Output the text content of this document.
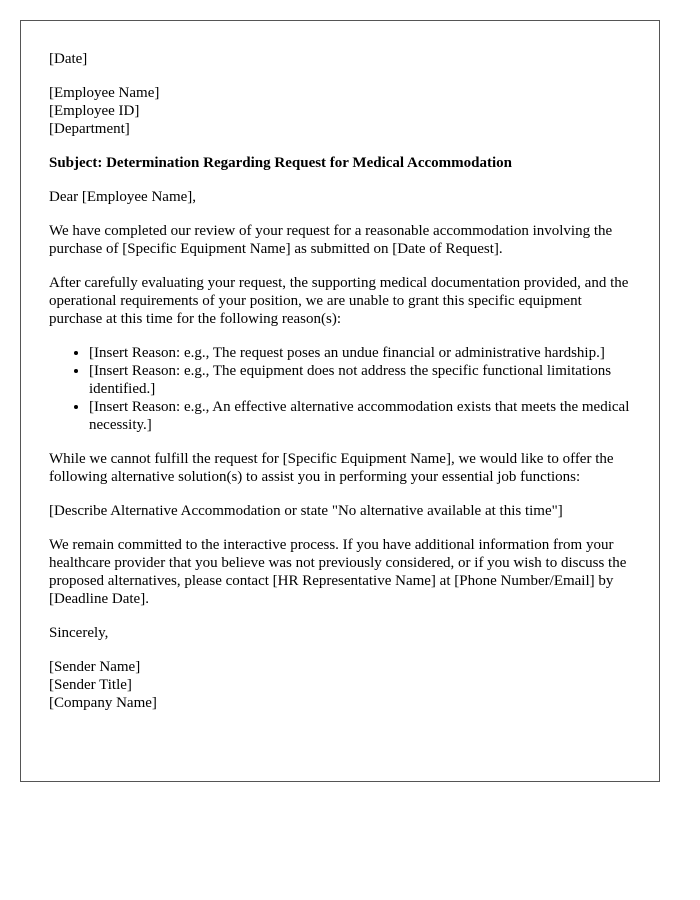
[Date]

[Employee Name]
[Employee ID]
[Department]

Subject: Determination Regarding Request for Medical Accommodation

Dear [Employee Name],

We have completed our review of your request for a reasonable accommodation involving the purchase of [Specific Equipment Name] as submitted on [Date of Request].

After carefully evaluating your request, the supporting medical documentation provided, and the operational requirements of your position, we are unable to grant this specific equipment purchase at this time for the following reason(s):

• [Insert Reason: e.g., The request poses an undue financial or administrative hardship.]
• [Insert Reason: e.g., The equipment does not address the specific functional limitations identified.]
• [Insert Reason: e.g., An effective alternative accommodation exists that meets the medical necessity.]

While we cannot fulfill the request for [Specific Equipment Name], we would like to offer the following alternative solution(s) to assist you in performing your essential job functions:

[Describe Alternative Accommodation or state "No alternative available at this time"]

We remain committed to the interactive process. If you have additional information from your healthcare provider that you believe was not previously considered, or if you wish to discuss the proposed alternatives, please contact [HR Representative Name] at [Phone Number/Email] by [Deadline Date].

Sincerely,

[Sender Name]
[Sender Title]
[Company Name]
